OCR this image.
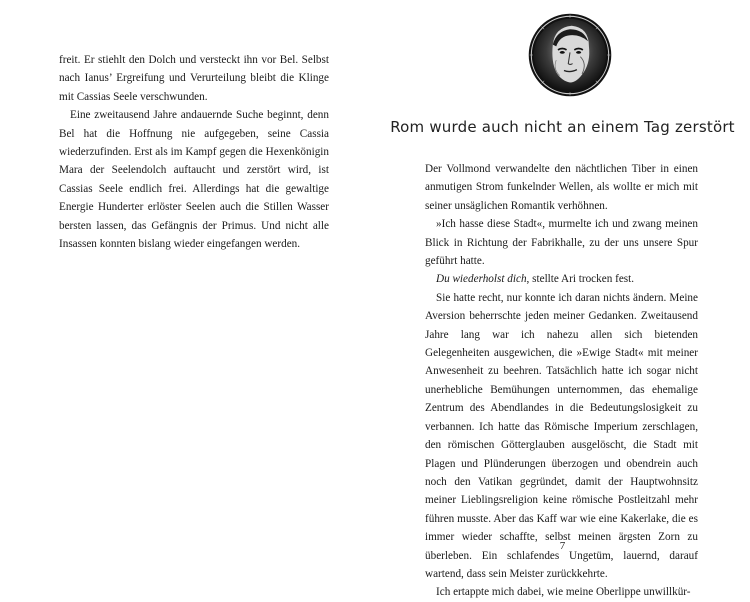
freit. Er stiehlt den Dolch und versteckt ihn vor Bel. Selbst nach Ianus’ Ergreifung und Verurteilung bleibt die Klinge mit Cassias Seele verschwunden.

Eine zweitausend Jahre andauernde Suche beginnt, denn Bel hat die Hoffnung nie aufgegeben, seine Cassia wiederzufinden. Erst als im Kampf gegen die Hexenkönigin Mara der Seelendolch auftaucht und zerstört wird, ist Cassias Seele endlich frei. Allerdings hat die gewaltige Energie Hunderter erlöster Seelen auch die Stillen Wasser bersten lassen, das Gefängnis der Primus. Und nicht alle Insassen konnten bislang wieder eingefangen werden.

Rom wurde auch nicht an einem Tag zerstört

Der Vollmond verwandelte den nächtlichen Tiber in einen anmutigen Strom funkelnder Wellen, als wollte er mich mit seiner unsäglichen Romantik verhöhnen.

»Ich hasse diese Stadt«, murmelte ich und zwang meinen Blick in Richtung der Fabrikhalle, zu der uns unsere Spur geführt hatte.

Du wiederholst dich, stellte Ari trocken fest.

Sie hatte recht, nur konnte ich daran nichts ändern. Meine Aversion beherrschte jeden meiner Gedanken. Zweitausend Jahre lang war ich nahezu allen sich bietenden Gelegenheiten ausgewichen, die »Ewige Stadt« mit meiner Anwesenheit zu beehren. Tatsächlich hatte ich sogar nicht unerhebliche Bemühungen unternommen, das ehemalige Zentrum des Abendlandes in die Bedeutungslosigkeit zu verbannen. Ich hatte das Römische Imperium zerschlagen, den römischen Götterglauben ausgelöscht, die Stadt mit Plagen und Plünderungen überzogen und obendrein auch noch den Vatikan gegründet, damit der Hauptwohnsitz meiner Lieblingsreligion keine römische Postleitzahl mehr führen musste. Aber das Kaff war wie eine Kakerlake, die es immer wieder schaffte, selbst meinen ärgsten Zorn zu überleben. Ein schlafendes Ungetüm, lauernd, darauf wartend, dass sein Meister zurückkehrte.

Ich ertappte mich dabei, wie meine Oberlippe unwillkür-

7
